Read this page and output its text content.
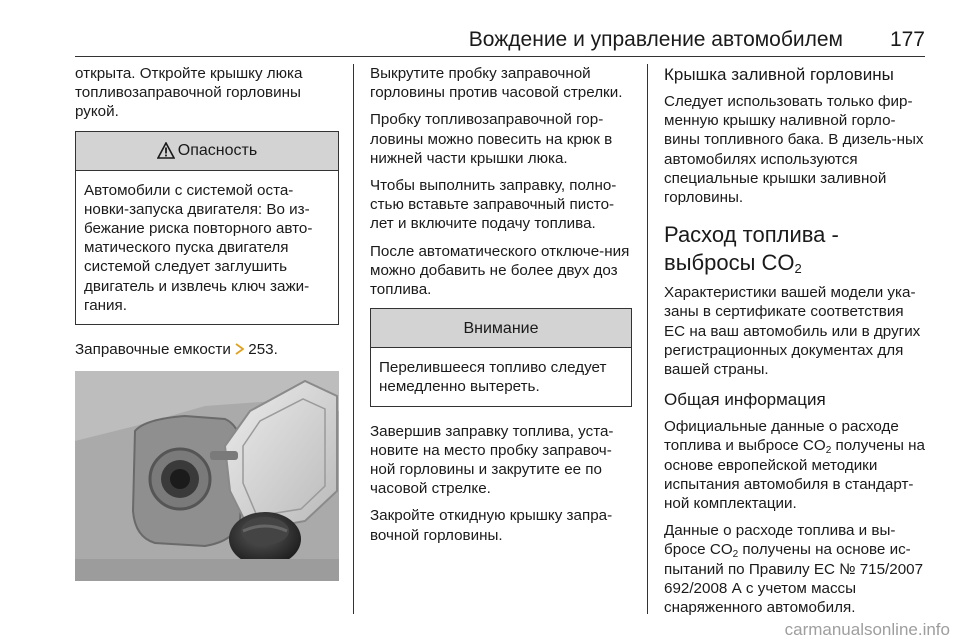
Вождение и управление автомобилем 177

открыта. Откройте крышку люка топливозаправочной горловины рукой.

Опасность
Автомобили с системой оста-новки-запуска двигателя: Во из-бежание риска повторного авто-матического пуска двигателя системой следует заглушить двигатель и извлечь ключ зажи-гания.

Заправочные емкости 253.

Выкрутите пробку заправочной горловины против часовой стрелки.

Пробку топливозаправочной гор-ловины можно повесить на крюк в нижней части крышки люка.

Чтобы выполнить заправку, полно-стью вставьте заправочный писто-лет и включите подачу топлива.

После автоматического отключе-ния можно добавить не более двух доз топлива.

Внимание
Перелившееся топливо следует немедленно вытереть.

Завершив заправку топлива, уста-новите на место пробку заправоч-ной горловины и закрутите ее по часовой стрелке.

Закройте откидную крышку запра-вочной горловины.

Крышка заливной горловины

Следует использовать только фир-менную крышку наливной горло-вины топливного бака. В дизель-ных автомобилях используются специальные крышки заливной горловины.

Расход топлива -
выбросы $CO_2$

Характеристики вашей модели ука-заны в сертификате соответствия ЕС на ваш автомобиль или в других регистрационных документах для вашей страны.

Общая информация

Официальные данные о расходе топлива и выбросе $CO_2$ получены на основе европейской методики испытания автомобиля в стандарт-ной комплектации.

Данные о расходе топлива и вы-бросе $CO_2$ получены на основе ис-пытаний по Правилу ЕС № 715/2007 692/2008 А с учетом массы снаряженного автомобиля.

carmanualsonline.info
